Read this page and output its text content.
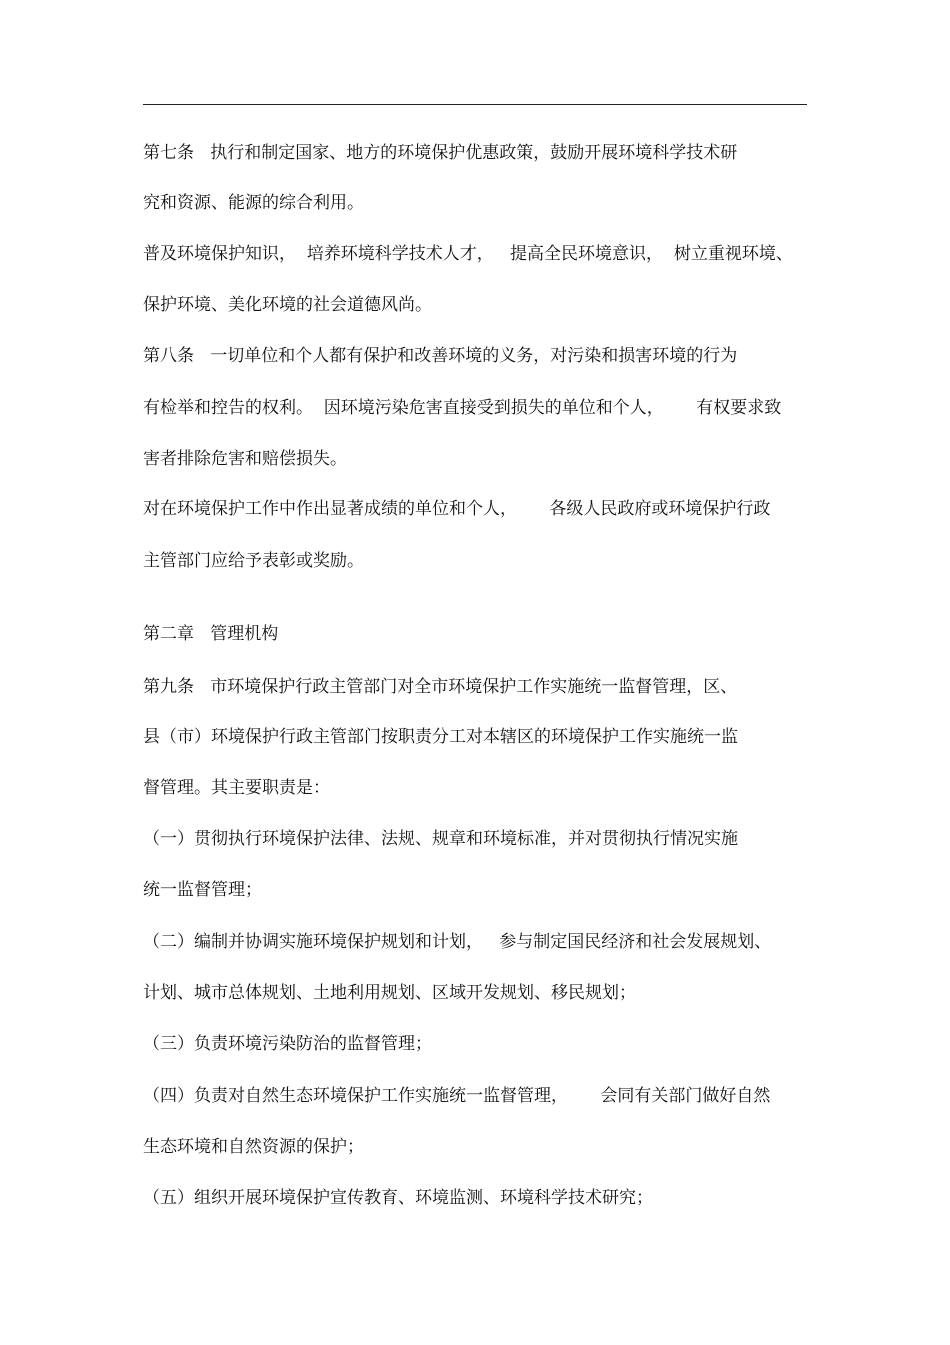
第七条   执行和制定国家、地方的环境保护优惠政策，鼓励开展环境科学技术研
究和资源、能源的综合利用。
普及环境保护知识，  培养环境科学技术人才，   提高全民环境意识，  树立重视环境、
保护环境、美化环境的社会道德风尚。
第八条   一切单位和个人都有保护和改善环境的义务，对污染和损害环境的行为
有检举和控告的权利。  因环境污染危害直接受到损失的单位和个人，      有权要求致
害者排除危害和赔偿损失。
对在环境保护工作中作出显著成绩的单位和个人，      各级人民政府或环境保护行政
主管部门应给予表彰或奖励。
第二章   管理机构
第九条   市环境保护行政主管部门对全市环境保护工作实施统一监督管理，区、
县（市）环境保护行政主管部门按职责分工对本辖区的环境保护工作实施统一监
督管理。其主要职责是：
（一）贯彻执行环境保护法律、法规、规章和环境标准，并对贯彻执行情况实施
统一监督管理；
（二）编制并协调实施环境保护规划和计划，   参与制定国民经济和社会发展规划、
计划、城市总体规划、土地利用规划、区域开发规划、移民规划；
（三）负责环境污染防治的监督管理；
（四）负责对自然生态环境保护工作实施统一监督管理，      会同有关部门做好自然
生态环境和自然资源的保护；
（五）组织开展环境保护宣传教育、环境监测、环境科学技术研究；
